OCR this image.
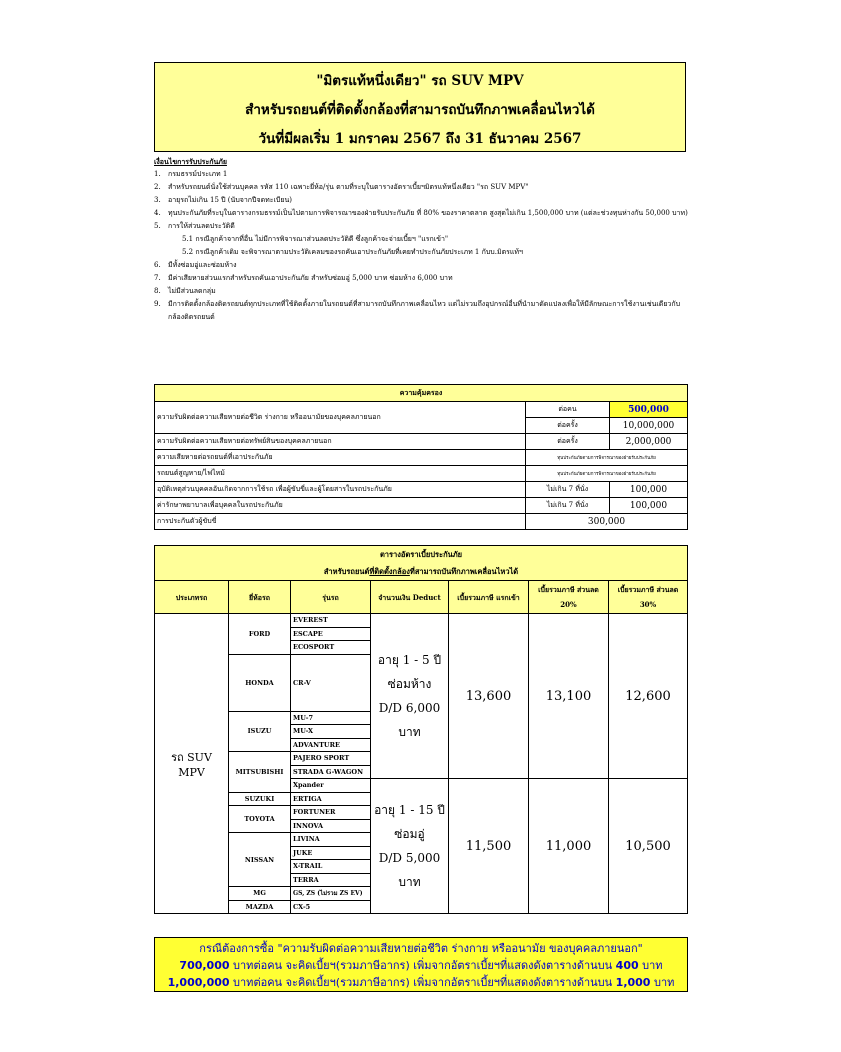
"มิตรแท้หนึ่งเดียว" รถ SUV MPV
สำหรับรถยนต์ที่ติดตั้งกล้องที่สามารถบันทึกภาพเคลื่อนไหวได้
วันที่มีผลเริ่ม 1 มกราคม 2567 ถึง 31 ธันวาคม 2567
เงื่อนไขการรับประกันภัย
1.	กรมธรรม์ประเภท 1
2.	สำหรับรถยนต์นั่งใช้ส่วนบุคคล รหัส 110 เฉพาะยี่ห้อ/รุ่น ตามที่ระบุในตารางอัตราเบี้ยฯมิตรแท้หนึ่งเดียว "รถ SUV MPV"
3.	อายุรถไม่เกิน 15 ปี (นับจากปีจดทะเบียน)
4.	ทุนประกันภัยที่ระบุในตารางกรมธรรม์เป็นไปตามการพิจารณาของฝ่ายรับประกันภัย ที่ 80% ของราคาตลาด สูงสุดไม่เกิน 1,500,000 บาท (แต่ละช่วงทุนห่างกัน 50,000 บาท)
5.	การให้ส่วนลดประวัติดี
5.1 กรณีลูกค้าจากที่อื่น ไม่มีการพิจารณาส่วนลดประวัติดี ซึ่งลูกค้าจะจ่ายเบี้ยฯ "แรกเข้า"
5.2 กรณีลูกค้าเดิม จะพิจารณาตามประวัติเคลมของรถคันเอาประกันภัยที่เคยทำประกันภัยประเภท 1 กับบ.มิตรแท้ฯ
6.	มีทั้งซ่อมอู่และซ่อมห้าง
7.	มีค่าเสียหายส่วนแรกสำหรับรถคันเอาประกันภัย สำหรับซ่อมอู่ 5,000 บาท ซ่อมห้าง 6,000 บาท
8.	ไม่มีส่วนลดกลุ่ม
9.	มีการติดตั้งกล้องติดรถยนต์ทุกประเภทที่ใช้ติดตั้งภายในรถยนต์ที่สามารถบันทึกภาพเคลื่อนไหว แต่ไม่รวมถึงอุปกรณ์อื่นที่นำมาดัดแปลงเพื่อให้มีลักษณะการใช้งานเช่นเดียวกับกล้องติดรถยนต์
ความคุ้มครอง		
ความรับผิดต่อความเสียหายต่อชีวิต ร่างกาย หรืออนามัยของบุคคลภายนอก	ต่อคน	500,000
	ต่อครั้ง	10,000,000
ความรับผิดต่อความเสียหายต่อทรัพย์สินของบุคคลภายนอก	ต่อครั้ง	2,000,000
ความเสียหายต่อรถยนต์ที่เอาประกันภัย	ทุนประกันภัยตามการพิจารณาของฝ่ายรับประกันภัย	
รถยนต์สูญหาย/ไฟไหม้	ทุนประกันภัยตามการพิจารณาของฝ่ายรับประกันภัย	
อุบัติเหตุส่วนบุคคลอันเกิดจากการใช้รถ เพื่อผู้ขับขี่และผู้โดยสารในรถประกันภัย	ไม่เกิน 7 ที่นั่ง	100,000
ค่ารักษาพยาบาลเพื่อบุคคลในรถประกันภัย	ไม่เกิน 7 ที่นั่ง	100,000
การประกันตัวผู้ขับขี่	300,000	
ตารางอัตราเบี้ยประกันภัย
สำหรับรถยนต์ที่ติดตั้งกล้องที่สามารถบันทึกภาพเคลื่อนไหวได้						

ประเภทรถ	ยี่ห้อรถ	รุ่นรถ	จำนวนเงิน Deduct	เบี้ยรวมภาษี แรกเข้า	เบี้ยรวมภาษี ส่วนลด 20%	เบี้ยรวมภาษี ส่วนลด 30%
รถ SUV MPV	FORD	EVEREST	อายุ 1 - 5 ปี
ซ่อมห้าง
D/D 6,000
บาท	13,600	13,100	12,600
		ESCAPE				
		ECOSPORT				
	HONDA	CR-V				
	ISUZU	MU-7				
		MU-X				
		ADVANTURE				
	MITSUBISHI	PAJERO SPORT				
		STRADA G-WAGON				
		Xpander	อายุ 1 - 15 ปี
ซ่อมอู่
D/D 5,000
บาท	11,500	11,000	10,500
	SUZUKI	ERTIGA				
	TOYOTA	FORTUNER				
		INNOVA				
	NISSAN	LIVINA				
		JUKE				
		X-TRAIL				
		TERRA				
	MG	GS, ZS (ไม่รวม ZS EV)				
	MAZDA	CX-5				
กรณีต้องการซื้อ "ความรับผิดต่อความเสียหายต่อชีวิต ร่างกาย หรืออนามัย ของบุคคลภายนอก"
700,000 บาทต่อคน จะคิดเบี้ยฯ(รวมภาษีอากร) เพิ่มจากอัตราเบี้ยฯที่แสดงดังตารางด้านบน 400 บาท
1,000,000 บาทต่อคน จะคิดเบี้ยฯ(รวมภาษีอากร) เพิ่มจากอัตราเบี้ยฯที่แสดงดังตารางด้านบน 1,000 บาท
